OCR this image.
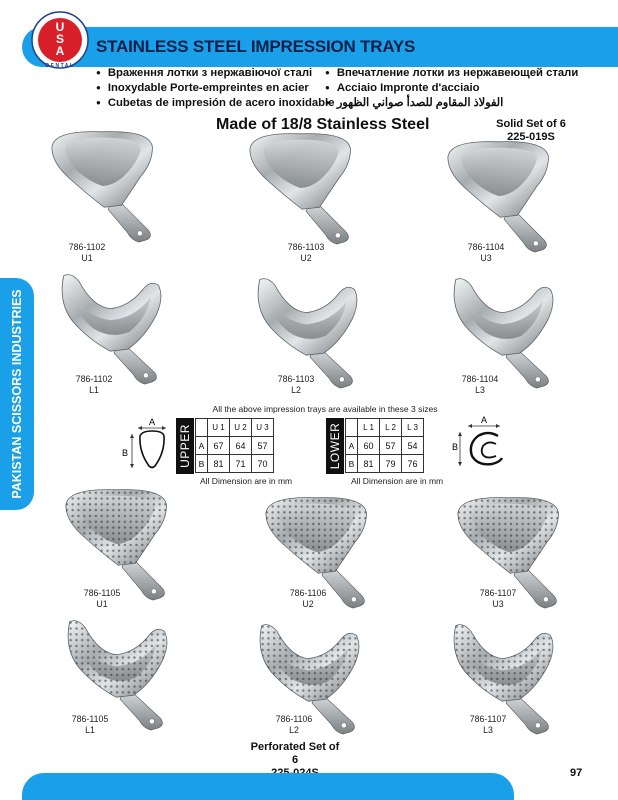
U
S
A
DENTAL
STAINLESS STEEL IMPRESSION TRAYS
PAKISTAN SCISSORS INDUSTRIES
● Враження лотки з нержавіючої сталі
● Inoxydable Porte-empreintes en acier
● Cubetas de impresión de acero inoxidable
● Впечатление лотки из нержавеющей стали
● Acciaio Impronte d'acciaio
● الفولاذ المقاوم للصدأ صواني الظهور
Made of 18/8 Stainless Steel	Solid Set of 6
225-019S
786-1102
U1
786-1103
U2
786-1104
U3
786-1102
L1
786-1103
L2
786-1104
L3
All the above impression trays are available in these 3 sizes
A
B	UPPER
		U 1	U 2	U 3
A	67	64	57
B	81	71	70
All Dimension are in mm
LOWER
		L 1	L 2	L 3
A	60	57	54
B	81	79	76
All Dimension are in mm
A
B
786-1105
U1
786-1106
U2
786-1107
U3
786-1105
L1
786-1106
L2
786-1107
L3
Perforated Set of 6
97
